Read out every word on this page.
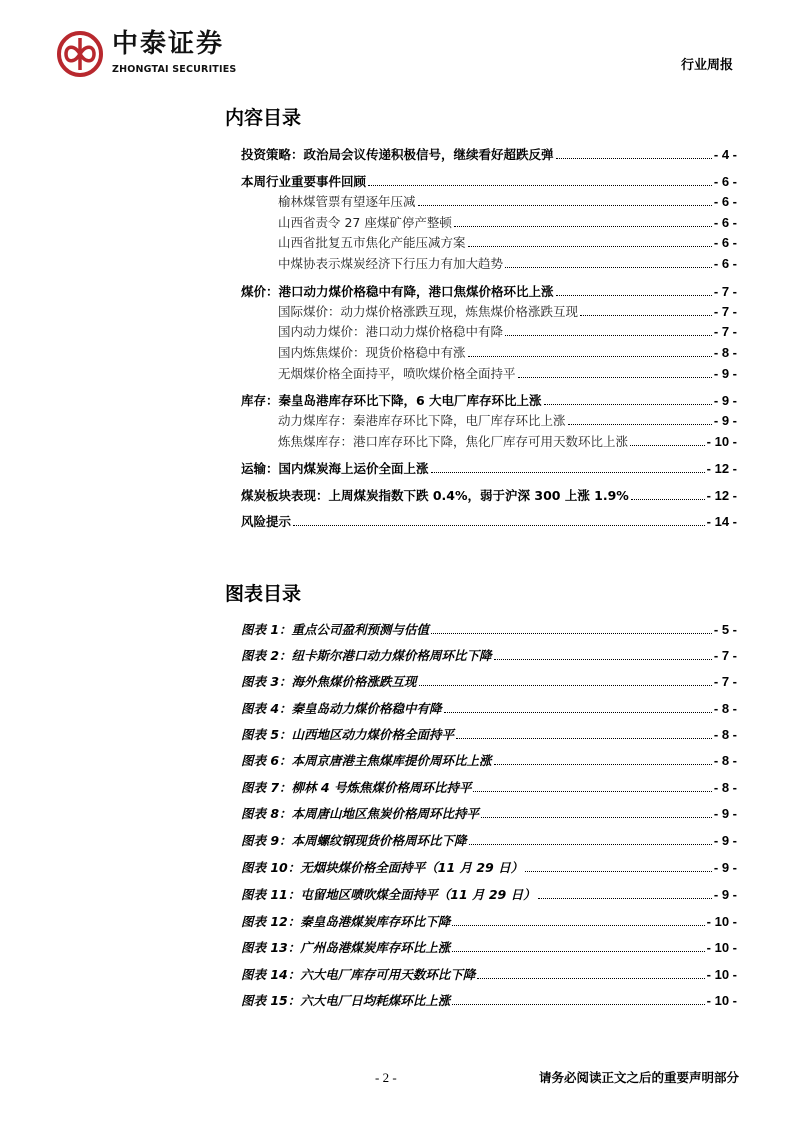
中泰证券
ZHONGTAI SECURITIES	行业周报
内容目录
投资策略：政治局会议传递积极信号，继续看好超跌反弹	- 4 -
本周行业重要事件回顾	- 6 -
榆林煤管票有望逐年压减	- 6 -
山西省责令 27 座煤矿停产整顿	- 6 -
山西省批复五市焦化产能压减方案	- 6 -
中煤协表示煤炭经济下行压力有加大趋势	- 6 -
煤价：港口动力煤价格稳中有降，港口焦煤价格环比上涨	- 7 -
国际煤价：动力煤价格涨跌互现，炼焦煤价格涨跌互现	- 7 -
国内动力煤价：港口动力煤价格稳中有降	- 7 -
国内炼焦煤价：现货价格稳中有涨	- 8 -
无烟煤价格全面持平，喷吹煤价格全面持平	- 9 -
库存：秦皇岛港库存环比下降，6 大电厂库存环比上涨	- 9 -
动力煤库存：秦港库存环比下降，电厂库存环比上涨	- 9 -
炼焦煤库存：港口库存环比下降，焦化厂库存可用天数环比上涨	- 10 -
运输：国内煤炭海上运价全面上涨	- 12 -
煤炭板块表现：上周煤炭指数下跌 0.4%，弱于沪深 300 上涨 1.9%	- 12 -
风险提示	- 14 -
图表目录
图表 1：重点公司盈利预测与估值	- 5 -
图表 2：纽卡斯尔港口动力煤价格周环比下降	- 7 -
图表 3：海外焦煤价格涨跌互现	- 7 -
图表 4：秦皇岛动力煤价格稳中有降	- 8 -
图表 5：山西地区动力煤价格全面持平	- 8 -
图表 6：本周京唐港主焦煤库提价周环比上涨	- 8 -
图表 7：柳林 4 号炼焦煤价格周环比持平	- 8 -
图表 8：本周唐山地区焦炭价格周环比持平	- 9 -
图表 9：本周螺纹钢现货价格周环比下降	- 9 -
图表 10：无烟块煤价格全面持平（11 月 29 日）	- 9 -
图表 11：屯留地区喷吹煤全面持平（11 月 29 日）	- 9 -
图表 12：秦皇岛港煤炭库存环比下降	- 10 -
图表 13：广州岛港煤炭库存环比上涨	- 10 -
图表 14：六大电厂库存可用天数环比下降	- 10 -
图表 15：六大电厂日均耗煤环比上涨	- 10 -
- 2 -	请务必阅读正文之后的重要声明部分
